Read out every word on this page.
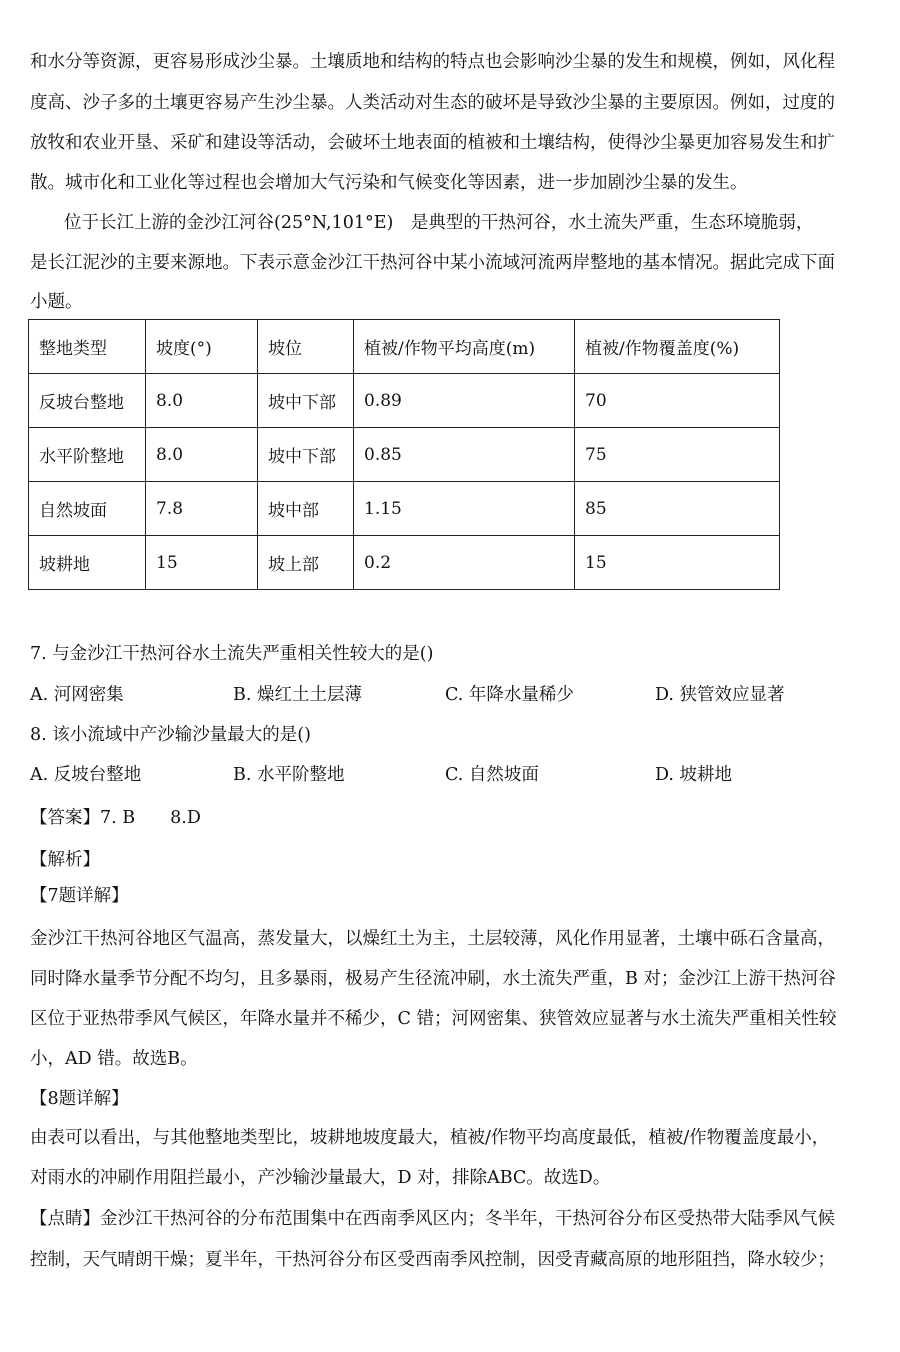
和水分等资源，更容易形成沙尘暴。土壤质地和结构的特点也会影响沙尘暴的发生和规模，例如，风化程
度高、沙子多的土壤更容易产生沙尘暴。人类活动对生态的破坏是导致沙尘暴的主要原因。例如，过度的
放牧和农业开垦、采矿和建设等活动，会破坏土地表面的植被和土壤结构，使得沙尘暴更加容易发生和扩
散。城市化和工业化等过程也会增加大气污染和气候变化等因素，进一步加剧沙尘暴的发生。
位于长江上游的金沙江河谷(25°N,101°E)　是典型的干热河谷，水土流失严重，生态环境脆弱，
是长江泥沙的主要来源地。下表示意金沙江干热河谷中某小流域河流两岸整地的基本情况。据此完成下面
小题。
整地类型	坡度(°)	坡位	植被/作物平均高度(m)	植被/作物覆盖度(%)
反坡台整地	8.0	坡中下部	0.89	70
水平阶整地	8.0	坡中下部	0.85	75
自然坡面	7.8	坡中部	1.15	85
坡耕地	15	坡上部	0.2	15
7. 与金沙江干热河谷水土流失严重相关性较大的是()
A. 河网密集	B. 燥红土土层薄	C. 年降水量稀少	D. 狭管效应显著
8. 该小流域中产沙输沙量最大的是()
A. 反坡台整地	B. 水平阶整地	C. 自然坡面	D. 坡耕地
【答案】7. B　　8.D
【解析】
【7题详解】
金沙江干热河谷地区气温高，蒸发量大，以燥红土为主，土层较薄，风化作用显著，土壤中砾石含量高，
同时降水量季节分配不均匀，且多暴雨，极易产生径流冲刷，水土流失严重，B 对；金沙江上游干热河谷
区位于亚热带季风气候区，年降水量并不稀少，C 错；河网密集、狭管效应显著与水土流失严重相关性较
小，AD 错。故选B。
【8题详解】
由表可以看出，与其他整地类型比，坡耕地坡度最大，植被/作物平均高度最低，植被/作物覆盖度最小，
对雨水的冲刷作用阻拦最小，产沙输沙量最大，D 对，排除ABC。故选D。
【点睛】金沙江干热河谷的分布范围集中在西南季风区内；冬半年，干热河谷分布区受热带大陆季风气候
控制，天气晴朗干燥；夏半年，干热河谷分布区受西南季风控制，因受青藏高原的地形阻挡，降水较少；
